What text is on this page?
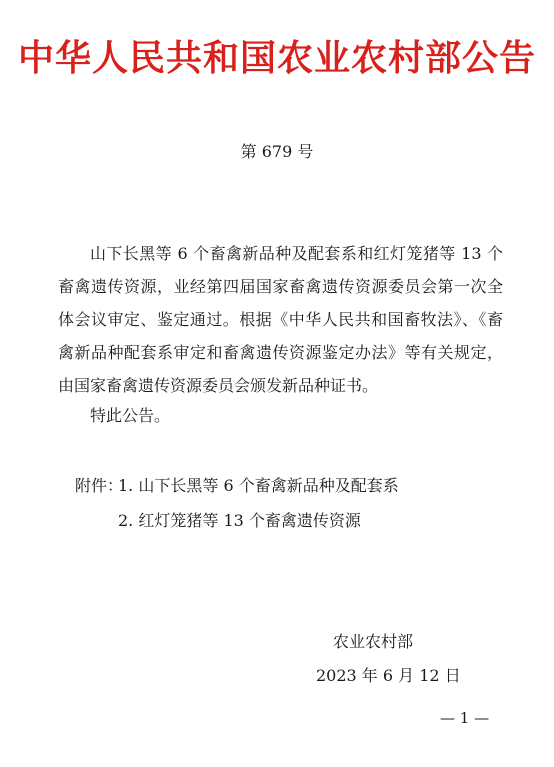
中华人民共和国农业农村部公告
第 679 号

山下长黑等 6 个畜禽新品种及配套系和红灯笼猪等 13 个畜禽遗传资源，业经第四届国家畜禽遗传资源委员会第一次全体会议审定、鉴定通过。根据《中华人民共和国畜牧法》、《畜禽新品种配套系审定和畜禽遗传资源鉴定办法》等有关规定，由国家畜禽遗传资源委员会颁发新品种证书。

特此公告。
附件：
1. 山下长黑等 6 个畜禽新品种及配套系
2. 红灯笼猪等 13 个畜禽遗传资源
农业农村部
2023 年 6 月 12 日
— 1 —
